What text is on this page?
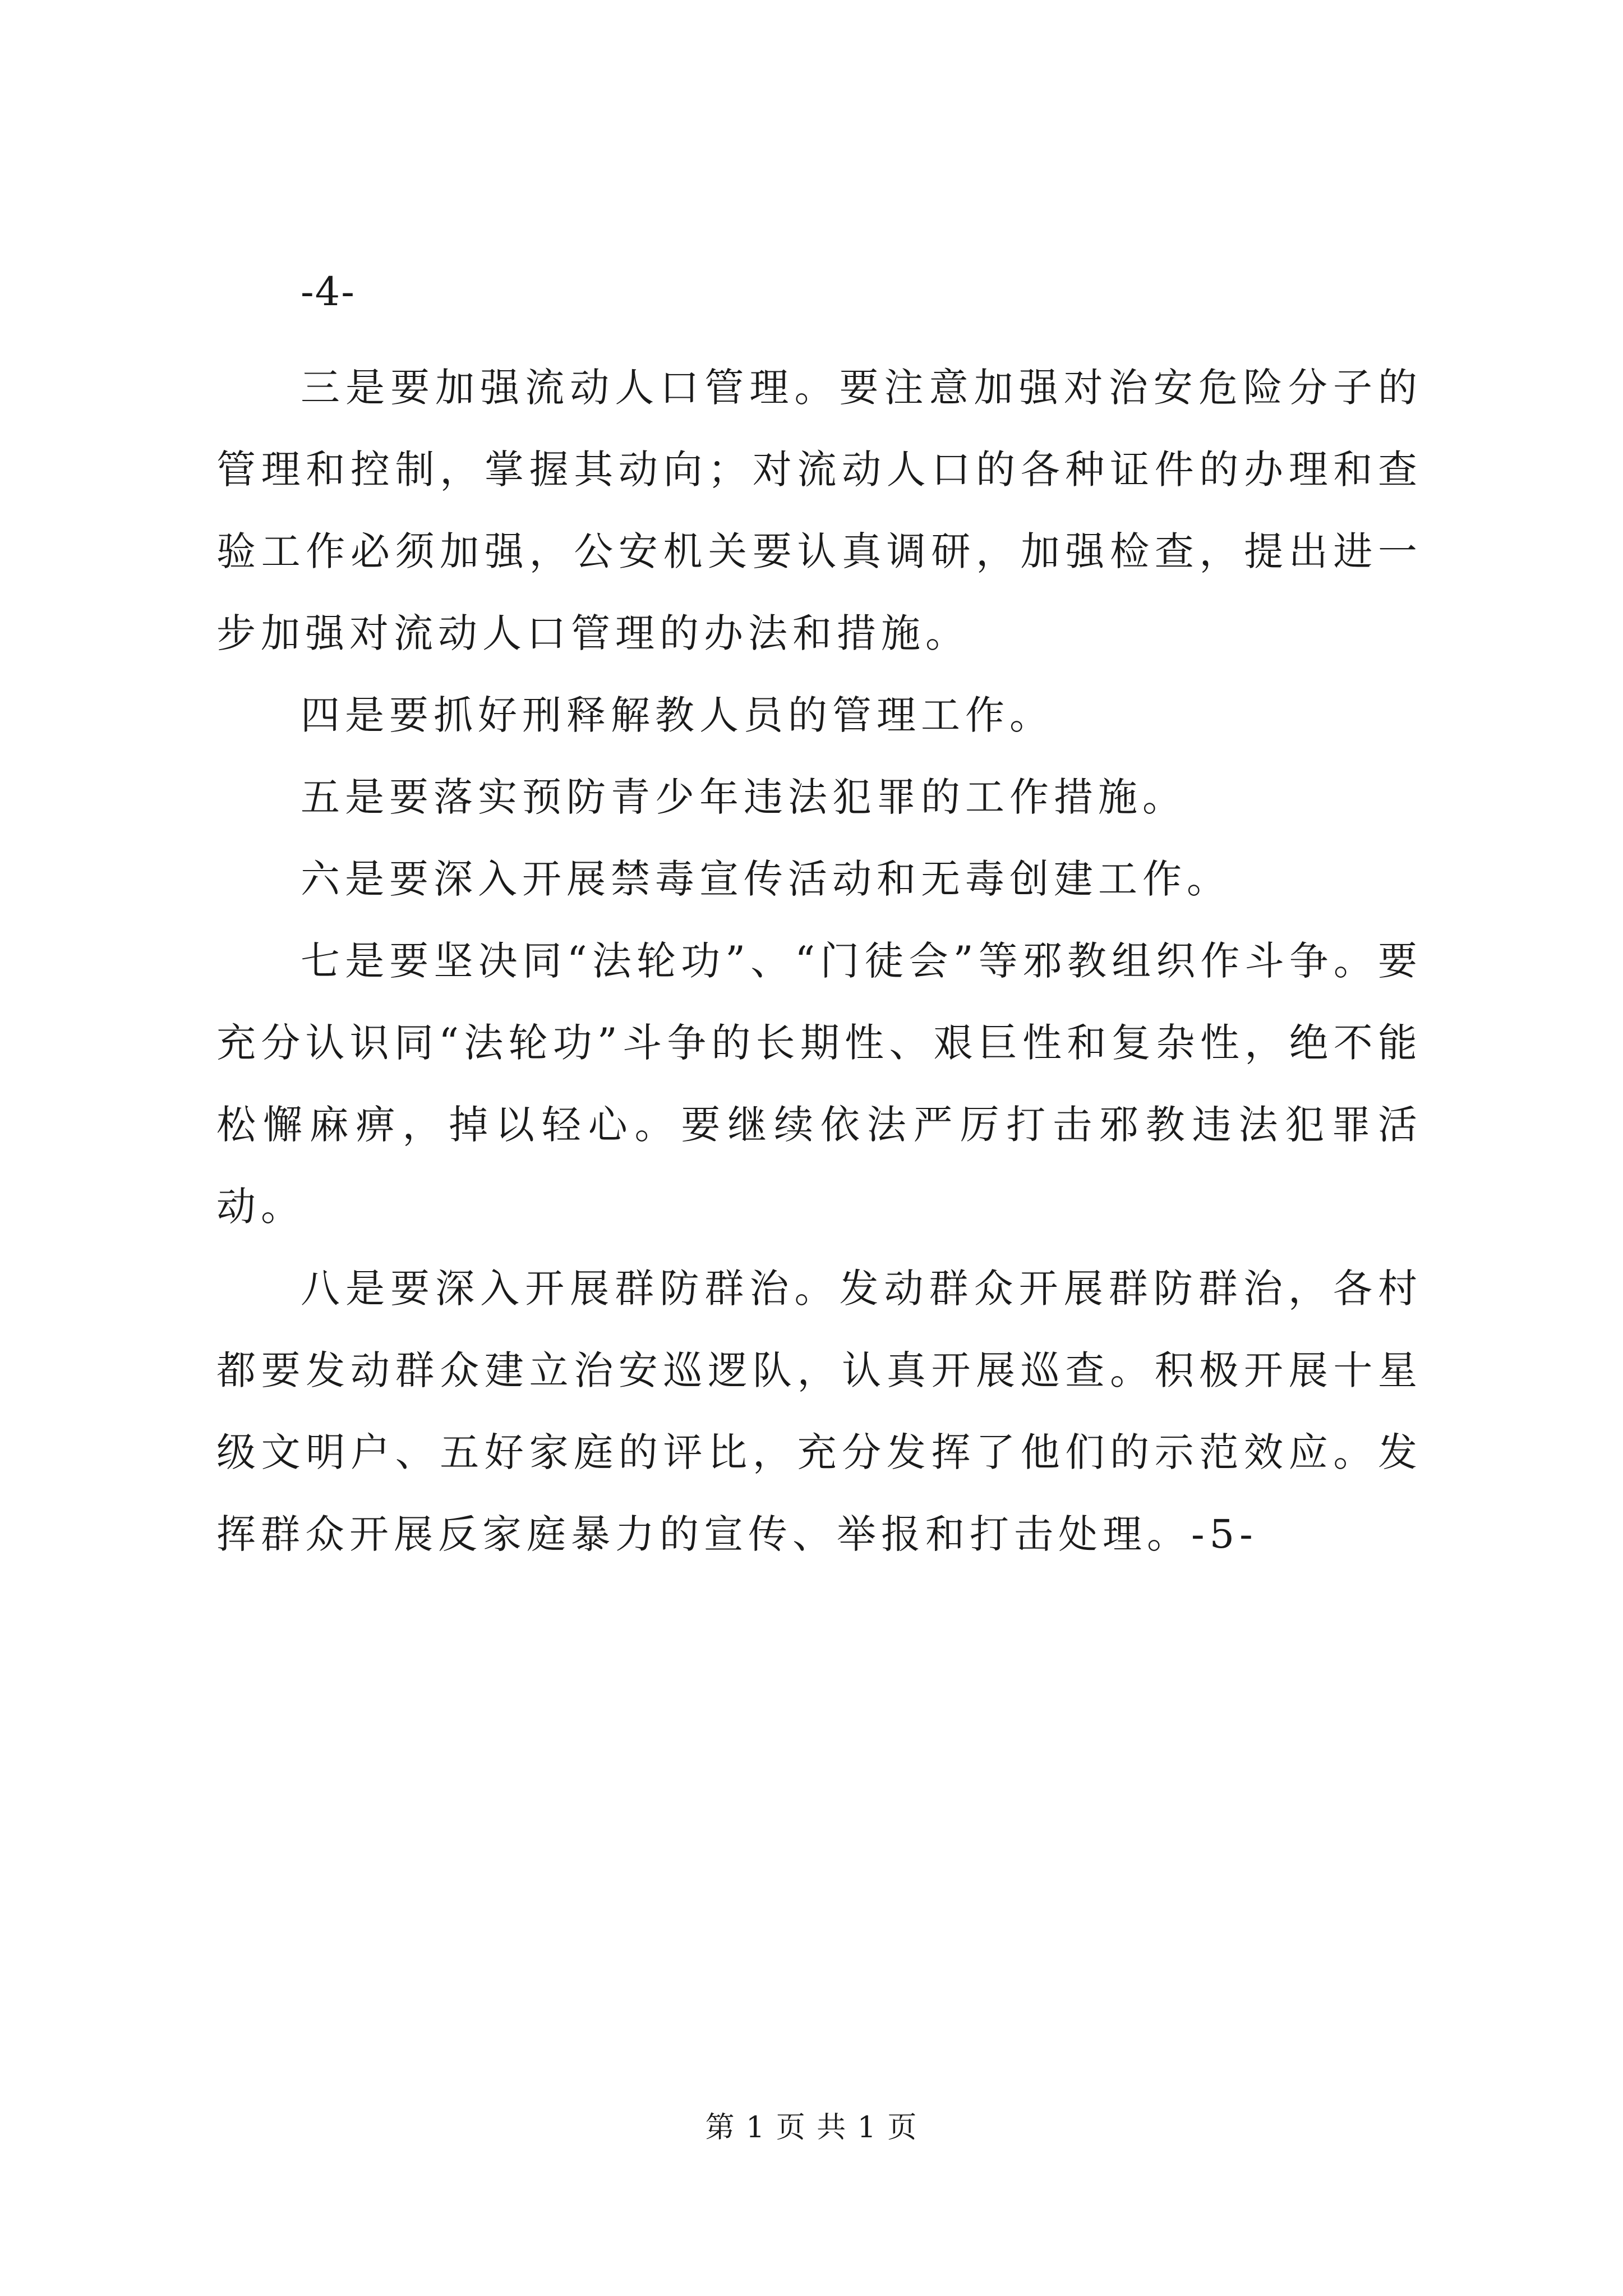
-4-

三是要加强流动人口管理。要注意加强对治安危险分子的管理和控制，掌握其动向；对流动人口的各种证件的办理和查验工作必须加强，公安机关要认真调研，加强检查，提出进一步加强对流动人口管理的办法和措施。

四是要抓好刑释解教人员的管理工作。

五是要落实预防青少年违法犯罪的工作措施。

六是要深入开展禁毒宣传活动和无毒创建工作。

七是要坚决同“法轮功”、“门徒会”等邪教组织作斗争。要充分认识同“法轮功”斗争的长期性、艰巨性和复杂性，绝不能松懈麻痹，掉以轻心。要继续依法严厉打击邪教违法犯罪活动。

八是要深入开展群防群治。发动群众开展群防群治，各村都要发动群众建立治安巡逻队，认真开展巡查。积极开展十星级文明户、五好家庭的评比，充分发挥了他们的示范效应。发挥群众开展反家庭暴力的宣传、举报和打击处理。-5-

第 1 页 共 1 页
